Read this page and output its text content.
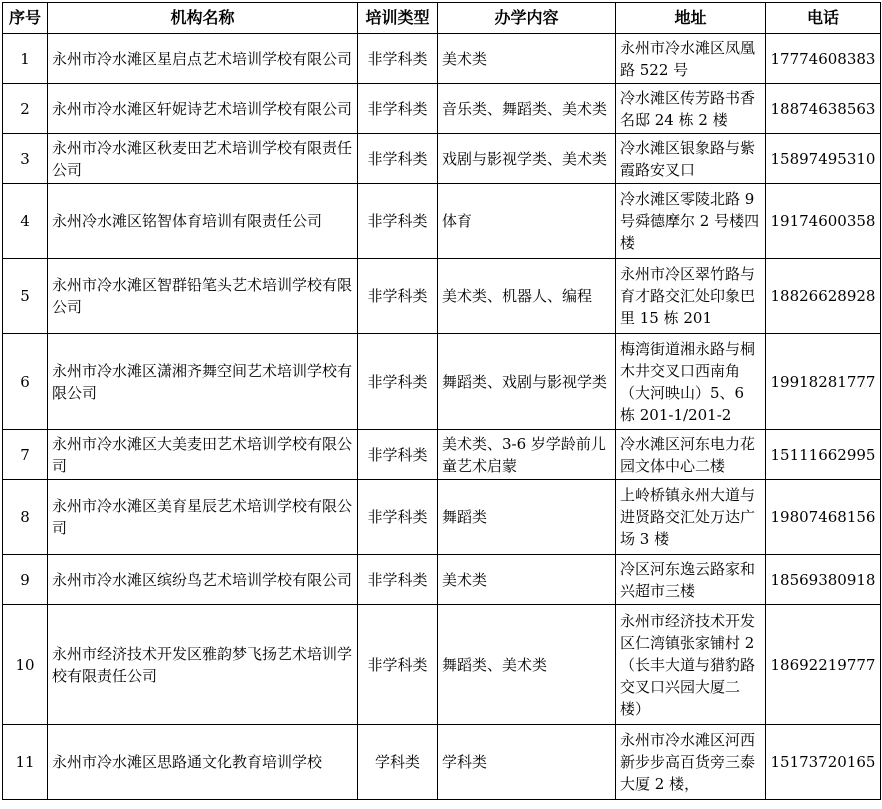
序号	机构名称	培训类型	办学内容	地址	电话
1	永州市冷水滩区星启点艺术培训学校有限公司	非学科类	美术类	永州市冷水滩区凤凰路 522 号	17774608383
2	永州市冷水滩区轩妮诗艺术培训学校有限公司	非学科类	音乐类、舞蹈类、美术类	冷水滩区传芳路书香名邸 24 栋 2 楼	18874638563
3	永州市冷水滩区秋麦田艺术培训学校有限责任公司	非学科类	戏剧与影视学类、美术类	冷水滩区银象路与紫霞路安叉口	15897495310
4	永州冷水滩区铭智体育培训有限责任公司	非学科类	体育	冷水滩区零陵北路 9 号舜德摩尔 2 号楼四楼	19174600358
5	永州市冷水滩区智群铅笔头艺术培训学校有限公司	非学科类	美术类、机器人、编程	永州市冷区翠竹路与育才路交汇处印象巴里 15 栋 201	18826628928
6	永州市冷水滩区潇湘齐舞空间艺术培训学校有限公司	非学科类	舞蹈类、戏剧与影视学类	梅湾街道湘永路与桐木井交叉口西南角（大河映山）5、6 栋 201-1/201-2	19918281777
7	永州市冷水滩区大美麦田艺术培训学校有限公司	非学科类	美术类、3-6 岁学龄前儿童艺术启蒙	冷水滩区河东电力花园文体中心二楼	15111662995
8	永州市冷水滩区美育星辰艺术培训学校有限公司	非学科类	舞蹈类	上岭桥镇永州大道与进贤路交汇处万达广场 3 楼	19807468156
9	永州市冷水滩区缤纷鸟艺术培训学校有限公司	非学科类	美术类	冷区河东逸云路家和兴超市三楼	18569380918
10	永州市经济技术开发区雅韵梦飞扬艺术培训学校有限责任公司	非学科类	舞蹈类、美术类	永州市经济技术开发区仁湾镇张家铺村 2（长丰大道与猎豹路交叉口兴园大厦二楼）	18692219777
11	永州市冷水滩区思路通文化教育培训学校	学科类	学科类	永州市冷水滩区河西新步步高百货旁三泰大厦 2 楼，	15173720165
